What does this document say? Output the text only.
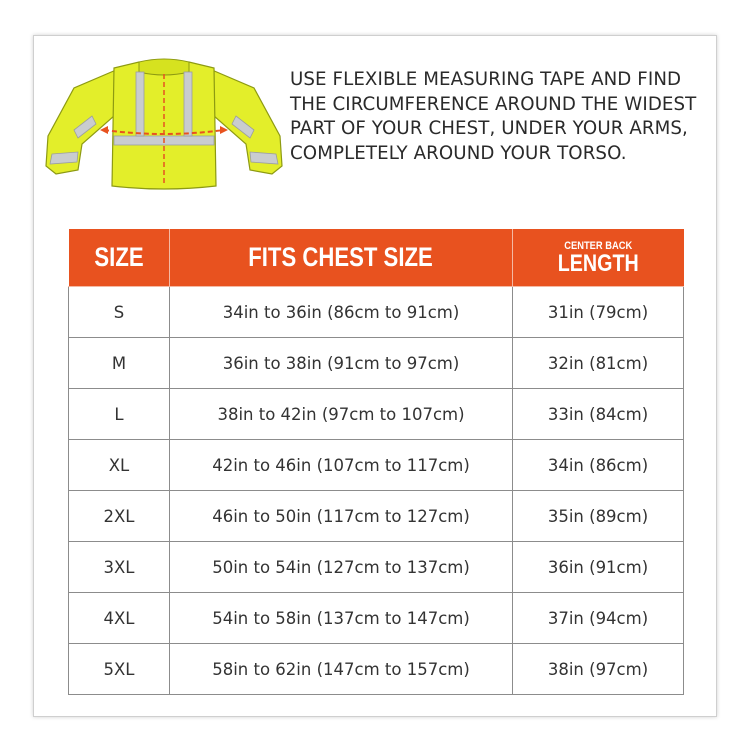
USE FLEXIBLE MEASURING TAPE AND FIND THE CIRCUMFERENCE AROUND THE WIDEST PART OF YOUR CHEST, UNDER YOUR ARMS, COMPLETELY AROUND YOUR TORSO.

SIZE	FITS CHEST SIZE	CENTER BACK
LENGTH

S	34in to 36in (86cm to 91cm)	31in (79cm)
M	36in to 38in (91cm to 97cm)	32in (81cm)
L	38in to 42in (97cm to 107cm)	33in (84cm)
XL	42in to 46in (107cm to 117cm)	34in (86cm)
2XL	46in to 50in (117cm to 127cm)	35in (89cm)
3XL	50in to 54in (127cm to 137cm)	36in (91cm)
4XL	54in to 58in (137cm to 147cm)	37in (94cm)
5XL	58in to 62in (147cm to 157cm)	38in (97cm)
